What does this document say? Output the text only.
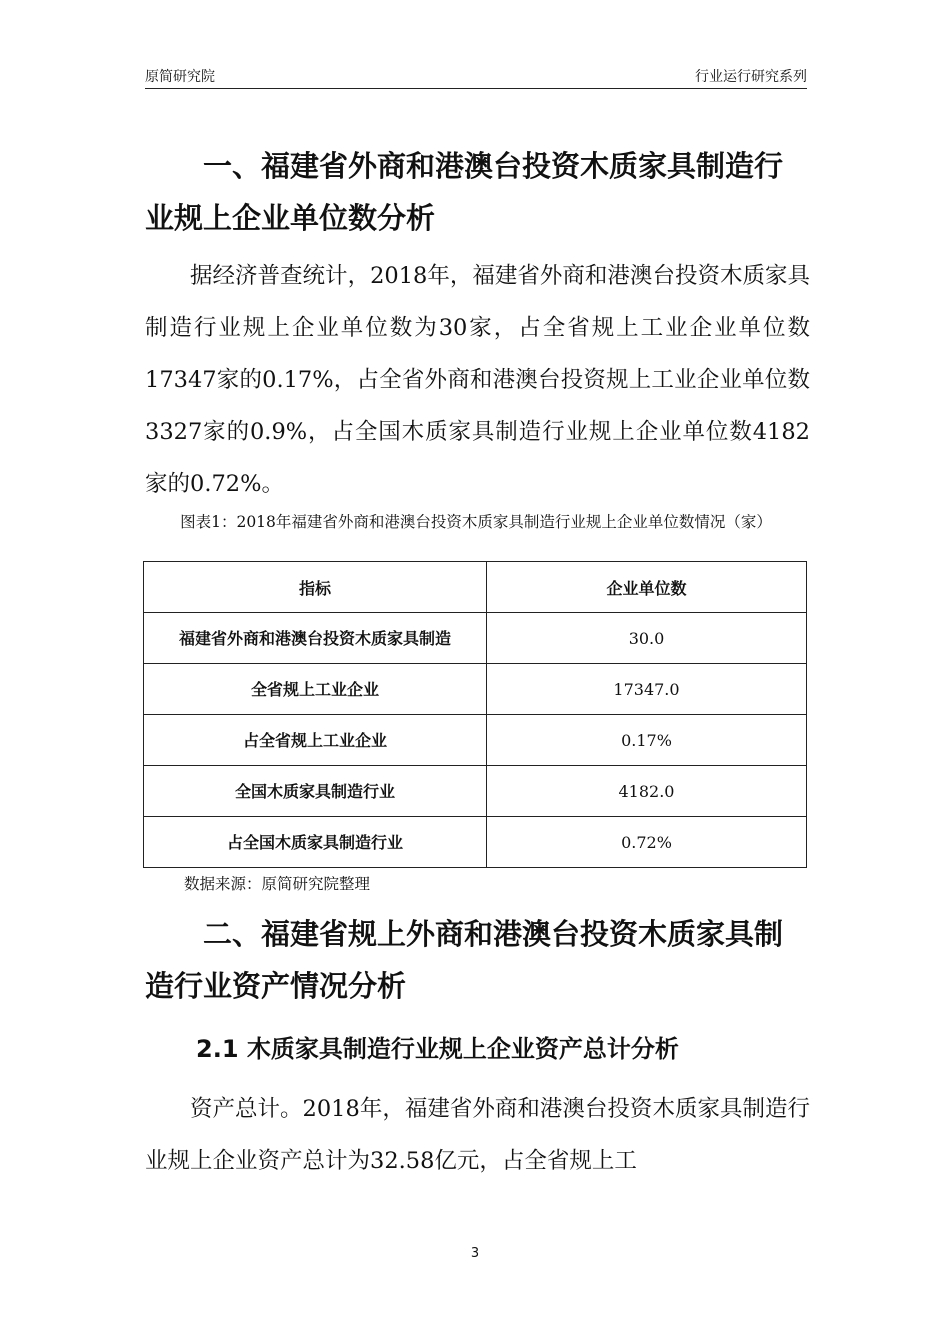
原简研究院	行业运行研究系列

一、福建省外商和港澳台投资木质家具制造行业规上企业单位数分析

据经济普查统计，2018年，福建省外商和港澳台投资木质家具制造行业规上企业单位数为30家，占全省规上工业企业单位数17347家的0.17%，占全省外商和港澳台投资规上工业企业单位数3327家的0.9%，占全国木质家具制造行业规上企业单位数4182家的0.72%。

图表1：2018年福建省外商和港澳台投资木质家具制造行业规上企业单位数情况（家）
指标	企业单位数
福建省外商和港澳台投资木质家具制造	30.0
全省规上工业企业	17347.0
占全省规上工业企业	0.17%
全国木质家具制造行业	4182.0
占全国木质家具制造行业	0.72%
数据来源：原简研究院整理

二、福建省规上外商和港澳台投资木质家具制造行业资产情况分析

2.1 木质家具制造行业规上企业资产总计分析

资产总计。2018年，福建省外商和港澳台投资木质家具制造行业规上企业资产总计为32.58亿元，占全省规上工

3
